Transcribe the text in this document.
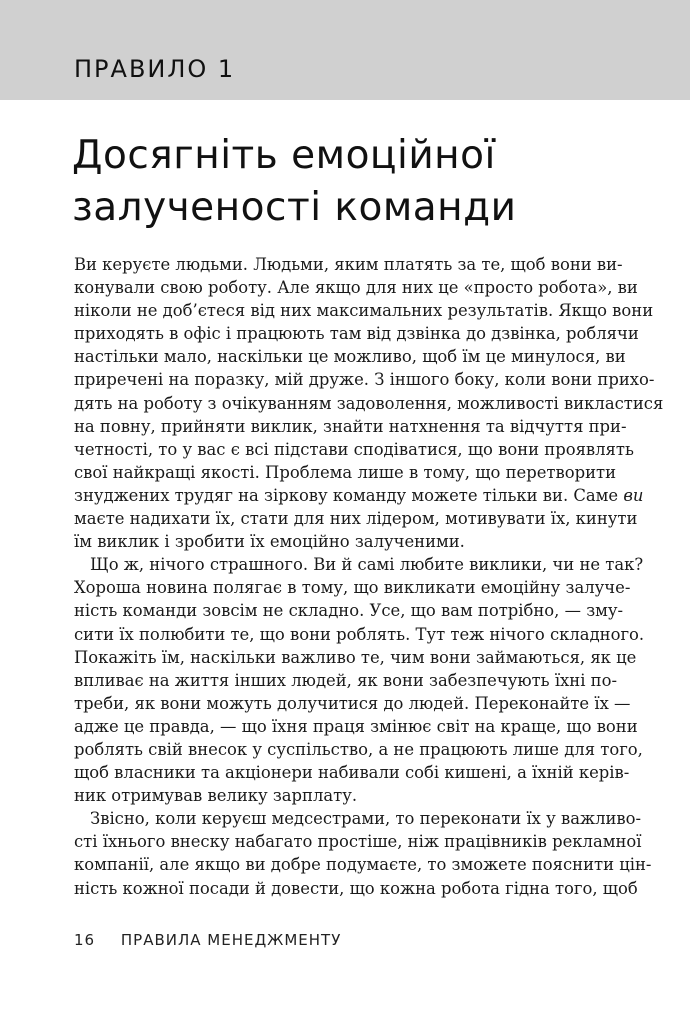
ПРАВИЛО 1
Досягніть емоційної
залученості команди
Ви керуєте людьми. Людьми, яким платять за те, щоб вони ви-
конували свою роботу. Але якщо для них це «просто робота», ви
ніколи не доб’єтеся від них максимальних результатів. Якщо вони
приходять в офіс і працюють там від дзвінка до дзвінка, роблячи
настільки мало, наскільки це можливо, щоб їм це минулося, ви
приречені на поразку, мій друже. З іншого боку, коли вони прихо-
дять на роботу з очікуванням задоволення, можливості викластися
на повну, прийняти виклик, знайти натхнення та відчуття при-
четності, то у вас є всі підстави сподіватися, що вони проявлять
свої найкращі якості. Проблема лише в тому, що перетворити
знуджених трудяг на зіркову команду можете тільки ви. Саме ви
маєте надихати їх, стати для них лідером, мотивувати їх, кинути
їм виклик і зробити їх емоційно залученими.
Що ж, нічого страшного. Ви й самі любите виклики, чи не так?
Хороша новина полягає в тому, що викликати емоційну залуче-
ність команди зовсім не складно. Усе, що вам потрібно, — зму-
сити їх полюбити те, що вони роблять. Тут теж нічого складного.
Покажіть їм, наскільки важливо те, чим вони займаються, як це
впливає на життя інших людей, як вони забезпечують їхні по-
треби, як вони можуть долучитися до людей. Переконайте їх —
адже це правда, — що їхня праця змінює світ на краще, що вони
роблять свій внесок у суспільство, а не працюють лише для того,
щоб власники та акціонери набивали собі кишені, а їхній керів-
ник отримував велику зарплату.
Звісно, коли керуєш медсестрами, то переконати їх у важливо-
сті їхнього внеску набагато простіше, ніж працівників рекламної
компанії, але якщо ви добре подумаєте, то зможете пояснити цін-
ність кожної посади й довести, що кожна робота гідна того, щоб
16 ПРАВИЛА МЕНЕДЖМЕНТУ
